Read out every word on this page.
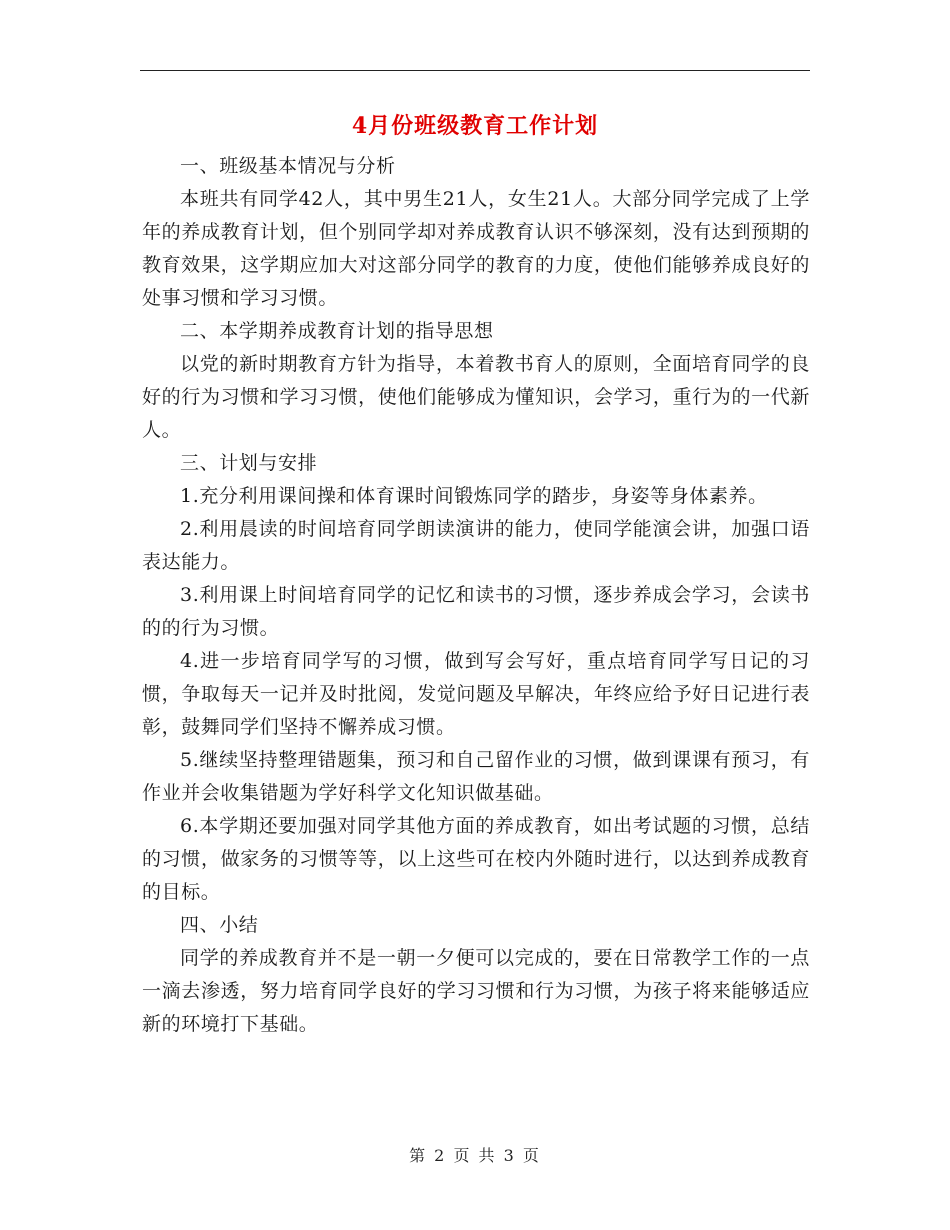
4月份班级教育工作计划

一、班级基本情况与分析

本班共有同学42人，其中男生21人，女生21人。大部分同学完成了上学年的养成教育计划，但个别同学却对养成教育认识不够深刻，没有达到预期的教育效果，这学期应加大对这部分同学的教育的力度，使他们能够养成良好的处事习惯和学习习惯。

二、本学期养成教育计划的指导思想

以党的新时期教育方针为指导，本着教书育人的原则，全面培育同学的良好的行为习惯和学习习惯，使他们能够成为懂知识，会学习，重行为的一代新人。

三、计划与安排

1.充分利用课间操和体育课时间锻炼同学的踏步，身姿等身体素养。

2.利用晨读的时间培育同学朗读演讲的能力，使同学能演会讲，加强口语表达能力。

3.利用课上时间培育同学的记忆和读书的习惯，逐步养成会学习，会读书的的行为习惯。

4.进一步培育同学写的习惯，做到写会写好，重点培育同学写日记的习惯，争取每天一记并及时批阅，发觉问题及早解决，年终应给予好日记进行表彰，鼓舞同学们坚持不懈养成习惯。

5.继续坚持整理错题集，预习和自己留作业的习惯，做到课课有预习，有作业并会收集错题为学好科学文化知识做基础。

6.本学期还要加强对同学其他方面的养成教育，如出考试题的习惯，总结的习惯，做家务的习惯等等，以上这些可在校内外随时进行，以达到养成教育的目标。

四、小结

同学的养成教育并不是一朝一夕便可以完成的，要在日常教学工作的一点一滴去渗透，努力培育同学良好的学习习惯和行为习惯，为孩子将来能够适应新的环境打下基础。

第 2 页 共 3 页
